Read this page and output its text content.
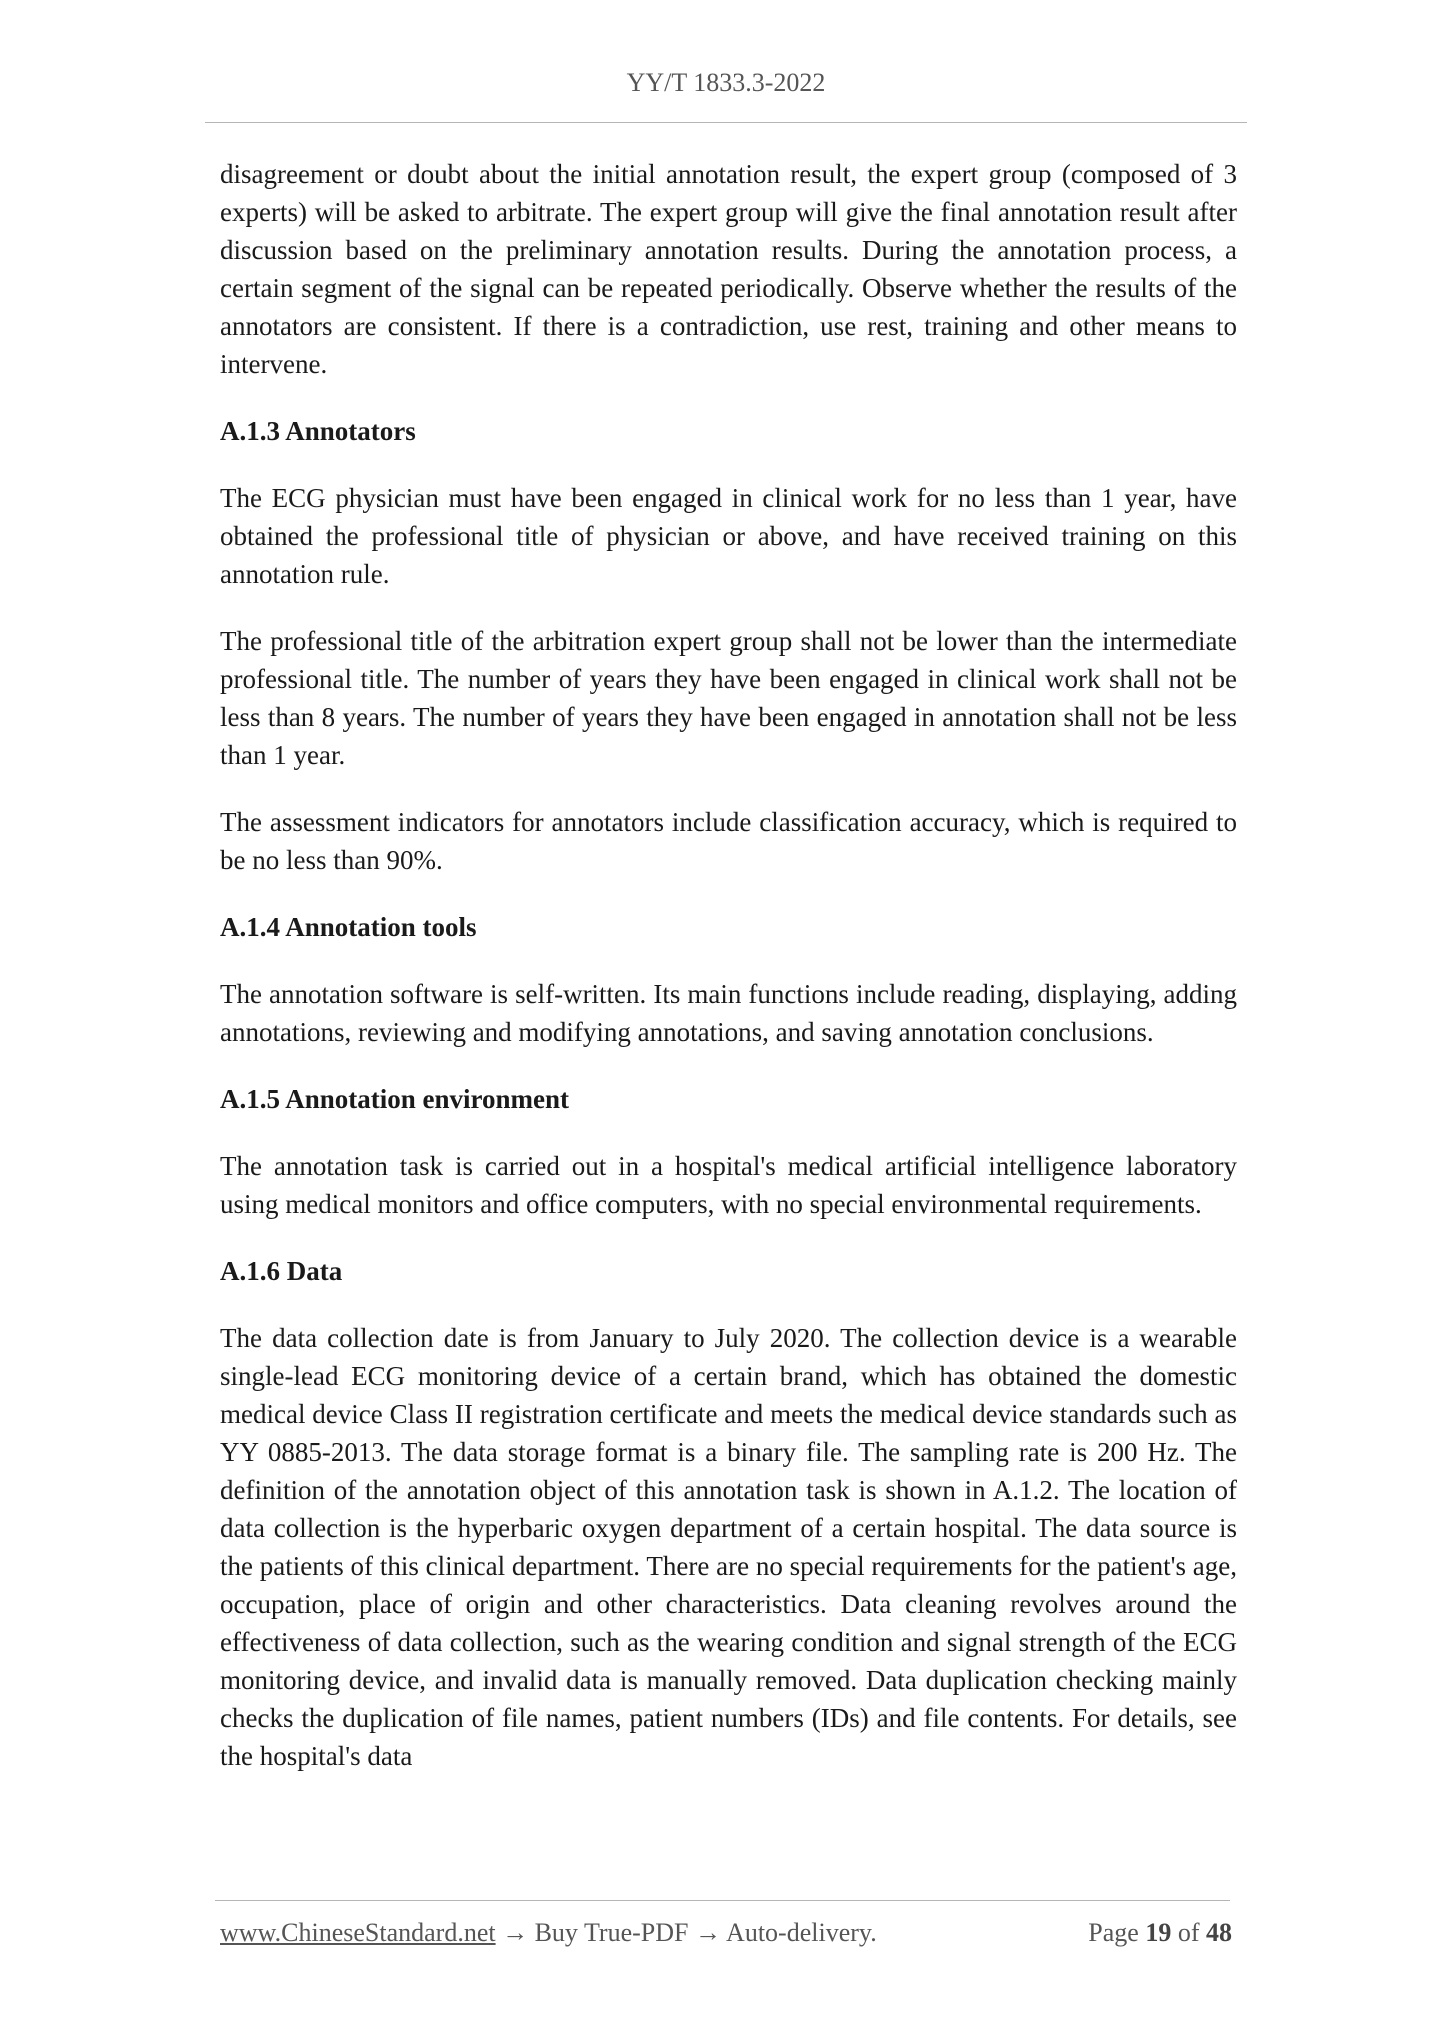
YY/T 1833.3-2022

disagreement or doubt about the initial annotation result, the expert group (composed of 3 experts) will be asked to arbitrate. The expert group will give the final annotation result after discussion based on the preliminary annotation results. During the annotation process, a certain segment of the signal can be repeated periodically. Observe whether the results of the annotators are consistent. If there is a contradiction, use rest, training and other means to intervene.

A.1.3 Annotators

The ECG physician must have been engaged in clinical work for no less than 1 year, have obtained the professional title of physician or above, and have received training on this annotation rule.

The professional title of the arbitration expert group shall not be lower than the intermediate professional title. The number of years they have been engaged in clinical work shall not be less than 8 years. The number of years they have been engaged in annotation shall not be less than 1 year.

The assessment indicators for annotators include classification accuracy, which is required to be no less than 90%.

A.1.4 Annotation tools

The annotation software is self-written. Its main functions include reading, displaying, adding annotations, reviewing and modifying annotations, and saving annotation conclusions.

A.1.5 Annotation environment

The annotation task is carried out in a hospital's medical artificial intelligence laboratory using medical monitors and office computers, with no special environmental requirements.

A.1.6 Data

The data collection date is from January to July 2020. The collection device is a wearable single-lead ECG monitoring device of a certain brand, which has obtained the domestic medical device Class II registration certificate and meets the medical device standards such as YY 0885-2013. The data storage format is a binary file. The sampling rate is 200 Hz. The definition of the annotation object of this annotation task is shown in A.1.2. The location of data collection is the hyperbaric oxygen department of a certain hospital. The data source is the patients of this clinical department. There are no special requirements for the patient's age, occupation, place of origin and other characteristics. Data cleaning revolves around the effectiveness of data collection, such as the wearing condition and signal strength of the ECG monitoring device, and invalid data is manually removed. Data duplication checking mainly checks the duplication of file names, patient numbers (IDs) and file contents. For details, see the hospital's data

www.ChineseStandard.net → Buy True-PDF → Auto-delivery.	Page 19 of 48
